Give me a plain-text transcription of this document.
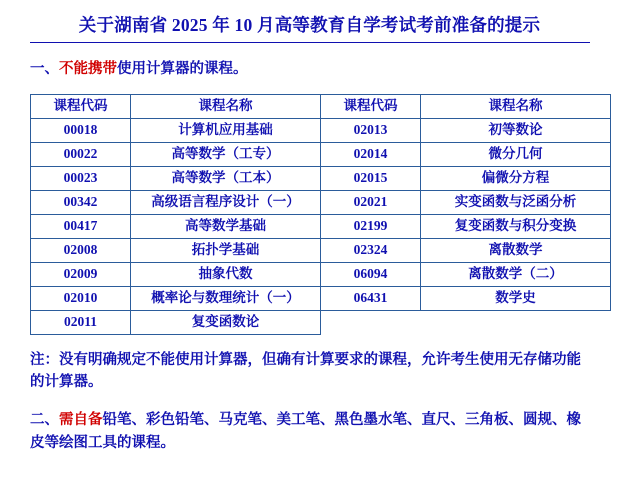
关于湖南省 2025 年 10 月高等教育自学考试考前准备的提示
一、不能携带使用计算器的课程。
课程代码	课程名称	课程代码	课程名称
00018	计算机应用基础	02013	初等数论
00022	高等数学（工专）	02014	微分几何
00023	高等数学（工本）	02015	偏微分方程
00342	高级语言程序设计（一）	02021	实变函数与泛函分析
00417	高等数学基础	02199	复变函数与积分变换
02008	拓扑学基础	02324	离散数学
02009	抽象代数	06094	离散数学（二）
02010	概率论与数理统计（一）	06431	数学史
02011	复变函数论		
注：没有明确规定不能使用计算器，但确有计算要求的课程，允许考生使用无存储功能的计算器。
二、需自备铅笔、彩色铅笔、马克笔、美工笔、黑色墨水笔、直尺、三角板、圆规、橡皮等绘图工具的课程。
